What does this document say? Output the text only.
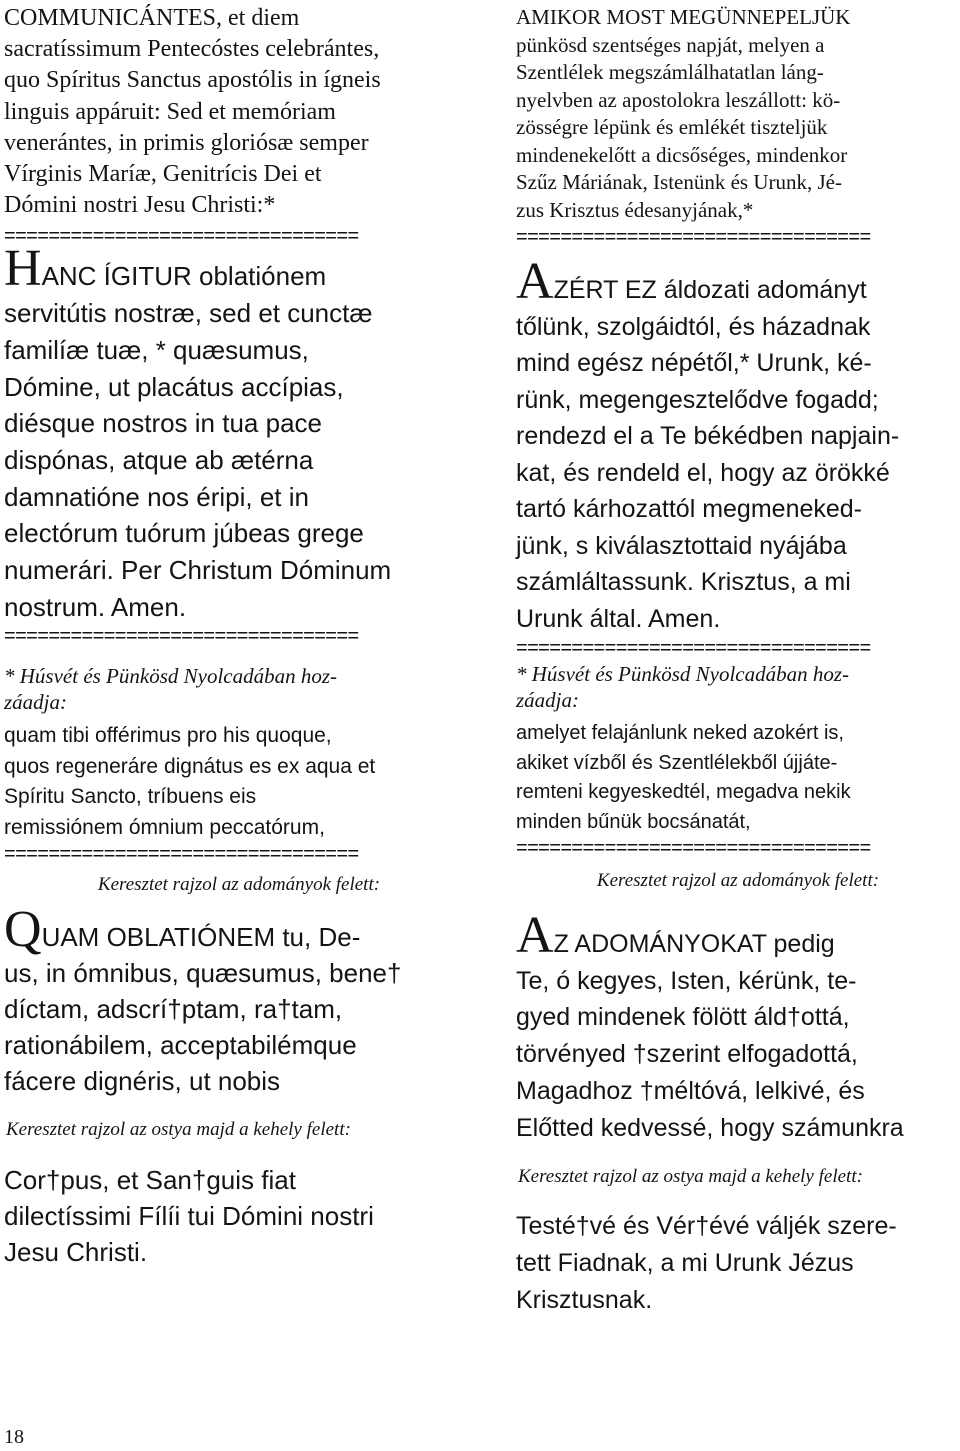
COMMUNICÁNTES, et diem
sacratíssimum Pentecóstes celebrántes,
quo Spíritus Sanctus apostólis in ígneis
linguis appáruit: Sed et memóriam
venerántes, in primis gloriósæ semper
Vírginis Maríæ, Genitrícis Dei et
Dómini nostri Jesu Christi:*
================================
HANC ÍGITUR oblatiónem
servitútis nostræ, sed et cunctæ
familíæ tuæ, * quæsumus,
Dómine, ut placátus accípias,
diésque nostros in tua pace
dispónas, atque ab ætérna
damnatióne nos éripi, et in
electórum tuórum júbeas grege
numerári. Per Christum Dóminum
nostrum. Amen.
================================
* Húsvét és Pünkösd Nyolcadában hoz-
záadja:
quam tibi offérimus pro his quoque,
quos regeneráre dignátus es ex aqua et
Spíritu Sancto, tríbuens eis
remissiónem ómnium peccatórum,
================================
Keresztet rajzol az adományok felett:
QUAM OBLATIÓNEM tu, De-
us, in ómnibus, quæsumus, bene†
díctam, adscrí†ptam, ra†tam,
rationábilem, acceptabilémque
fácere dignéris, ut nobis
Keresztet rajzol az ostya majd a kehely felett:
Cor†pus, et San†guis fiat
dilectíssimi Fílíi tui Dómini nostri
Jesu Christi.
AMIKOR MOST MEGÜNNEPELJÜK
pünkösd szentséges napját, melyen a
Szentlélek megszámlálhatatlan láng-
nyelvben az apostolokra leszállott: kö-
zösségre lépünk és emlékét tiszteljük
mindenekelőtt a dicsőséges, mindenkor
Szűz Máriának, Istenünk és Urunk, Jé-
zus Krisztus édesanyjának,*
================================
AZÉRT EZ áldozati adományt
tőlünk, szolgáidtól, és házadnak
mind egész népétől,* Urunk, ké-
rünk, megengesztelődve fogadd;
rendezd el a Te békédben napjain-
kat, és rendeld el, hogy az örökké
tartó kárhozattól megmeneked-
jünk, s kiválasztottaid nyájába
számláltassunk. Krisztus, a mi
Urunk által. Amen.
================================
* Húsvét és Pünkösd Nyolcadában hoz-
záadja:
amelyet felajánlunk neked azokért is,
akiket vízből és Szentlélekből újjáte-
remteni kegyeskedtél, megadva nekik
minden bűnük bocsánatát,
================================
Keresztet rajzol az adományok felett:
AZ ADOMÁNYOKAT pedig
Te, ó kegyes, Isten, kérünk, te-
gyed mindenek fölött áld†ottá,
törvényed †szerint elfogadottá,
Magadhoz †méltóvá, lelkivé, és
Előtted kedvessé, hogy számunkra
Keresztet rajzol az ostya majd a kehely felett:
Testé†vé és Vér†évé váljék szere-
tett Fiadnak, a mi Urunk Jézus
Krisztusnak.
18
